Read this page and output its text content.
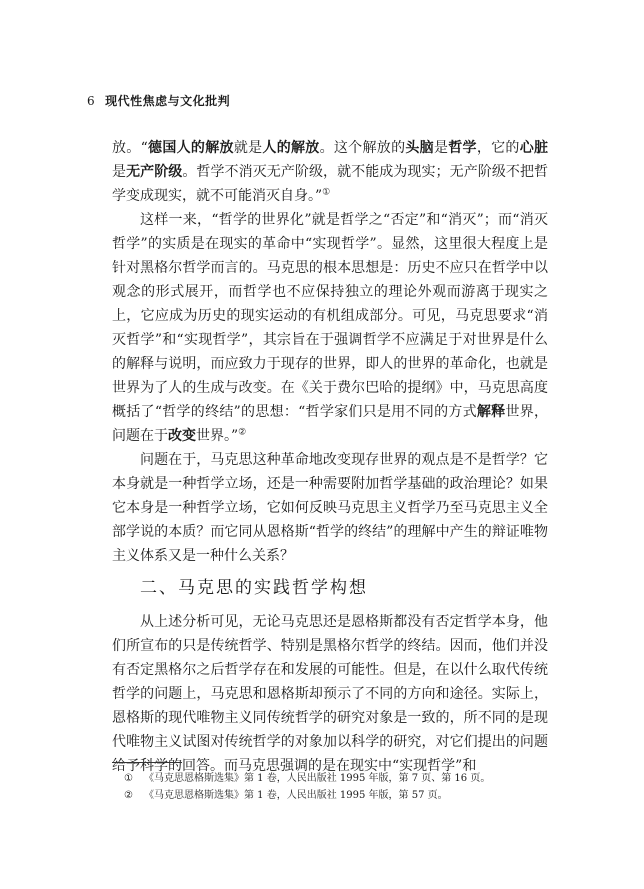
6 现代性焦虑与文化批判

放。“德国人的解放就是人的解放。这个解放的头脑是哲学，它的心脏是无产阶级。哲学不消灭无产阶级，就不能成为现实；无产阶级不把哲学变成现实，就不可能消灭自身。”①

这样一来，“哲学的世界化”就是哲学之“否定”和“消灭”；而“消灭哲学”的实质是在现实的革命中“实现哲学”。显然，这里很大程度上是针对黑格尔哲学而言的。马克思的根本思想是：历史不应只在哲学中以观念的形式展开，而哲学也不应保持独立的理论外观而游离于现实之上，它应成为历史的现实运动的有机组成部分。可见，马克思要求“消灭哲学”和“实现哲学”，其宗旨在于强调哲学不应满足于对世界是什么的解释与说明，而应致力于现存的世界，即人的世界的革命化，也就是世界为了人的生成与改变。在《关于费尔巴哈的提纲》中，马克思高度概括了“哲学的终结”的思想：“哲学家们只是用不同的方式解释世界，问题在于改变世界。”②

问题在于，马克思这种革命地改变现存世界的观点是不是哲学？它本身就是一种哲学立场，还是一种需要附加哲学基础的政治理论？如果它本身是一种哲学立场，它如何反映马克思主义哲学乃至马克思主义全部学说的本质？而它同从恩格斯“哲学的终结”的理解中产生的辩证唯物主义体系又是一种什么关系？

二、马克思的实践哲学构想

从上述分析可见，无论马克思还是恩格斯都没有否定哲学本身，他们所宣布的只是传统哲学、特别是黑格尔哲学的终结。因而，他们并没有否定黑格尔之后哲学存在和发展的可能性。但是，在以什么取代传统哲学的问题上，马克思和恩格斯却预示了不同的方向和途径。实际上，恩格斯的现代唯物主义同传统哲学的研究对象是一致的，所不同的是现代唯物主义试图对传统哲学的对象加以科学的研究，对它们提出的问题给予科学的回答。而马克思强调的是在现实中“实现哲学”和

① 《马克思恩格斯选集》第 1 卷，人民出版社 1995 年版，第 7 页、第 16 页。
② 《马克思恩格斯选集》第 1 卷，人民出版社 1995 年版，第 57 页。
